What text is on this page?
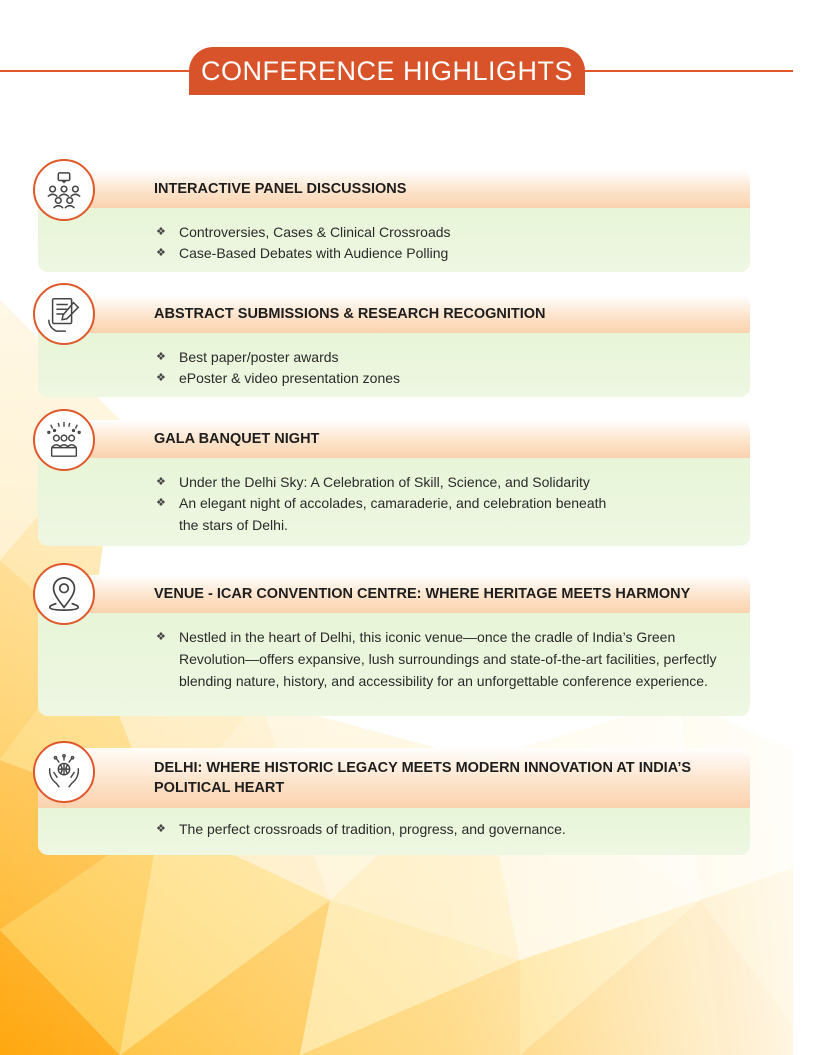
CONFERENCE HIGHLIGHTS
INTERACTIVE PANEL DISCUSSIONS
❖ Controversies, Cases & Clinical Crossroads
❖ Case-Based Debates with Audience Polling
ABSTRACT SUBMISSIONS & RESEARCH RECOGNITION
❖ Best paper/poster awards
❖ ePoster & video presentation zones
GALA BANQUET NIGHT
❖ Under the Delhi Sky: A Celebration of Skill, Science, and Solidarity
❖ An elegant night of accolades, camaraderie, and celebration beneath the stars of Delhi.
VENUE - ICAR CONVENTION CENTRE: WHERE HERITAGE MEETS HARMONY
❖ Nestled in the heart of Delhi, this iconic venue—once the cradle of India’s Green Revolution—offers expansive, lush surroundings and state-of-the-art facilities, perfectly blending nature, history, and accessibility for an unforgettable conference experience.
DELHI: WHERE HISTORIC LEGACY MEETS MODERN INNOVATION AT INDIA’S POLITICAL HEART
❖ The perfect crossroads of tradition, progress, and governance.
